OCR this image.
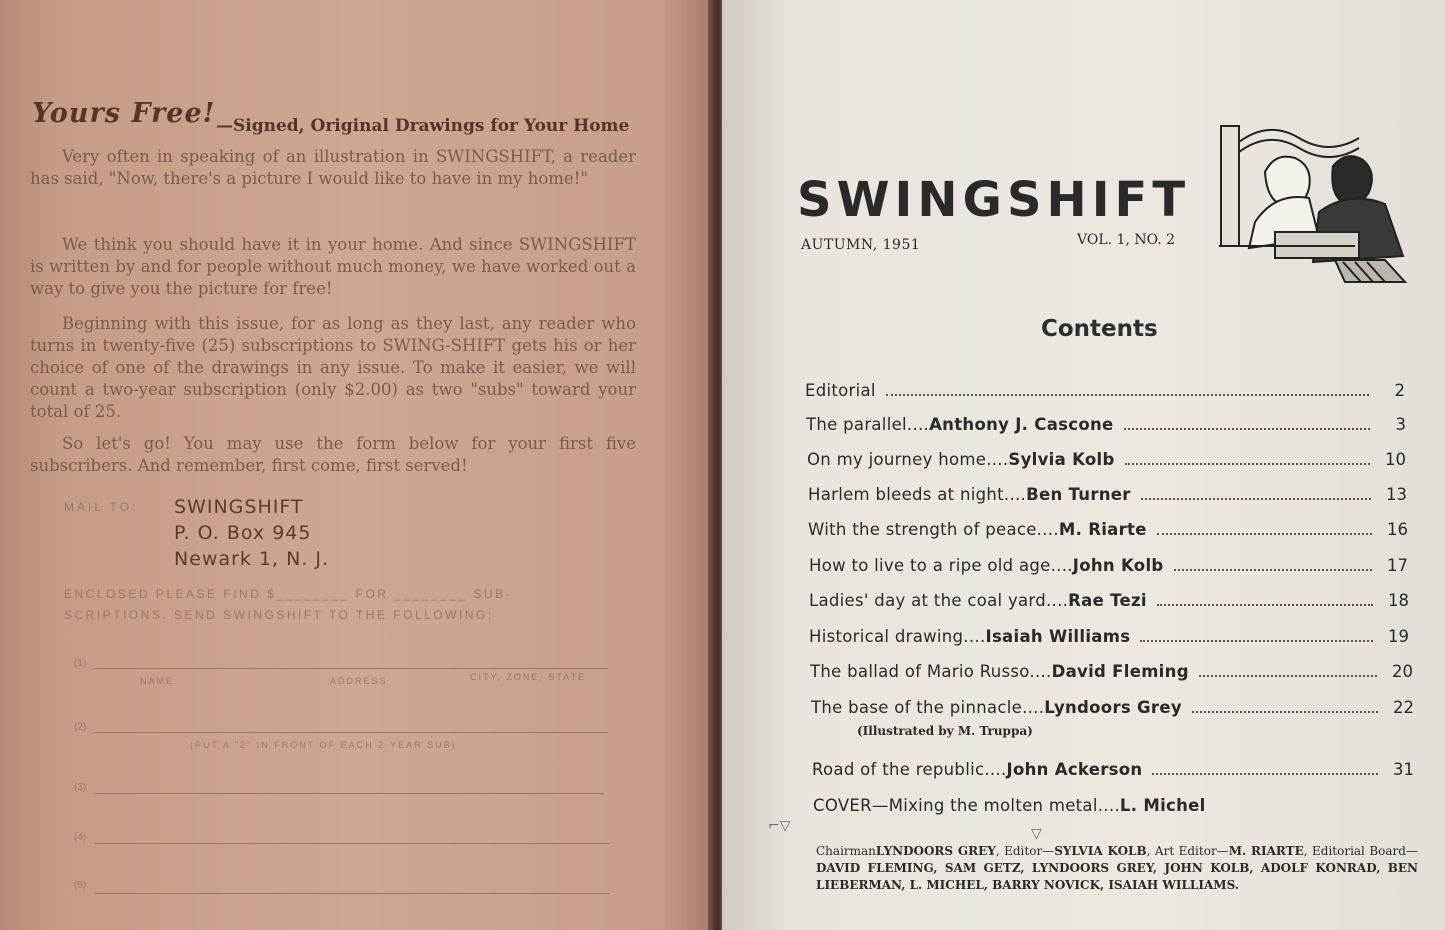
Yours Free! —Signed, Original Drawings for Your Home

Very often in speaking of an illustration in SWINGSHIFT, a reader has said, "Now, there's a picture I would like to have in my home!"

We think you should have it in your home. And since SWINGSHIFT is written by and for people without much money, we have worked out a way to give you the picture for free!

Beginning with this issue, for as long as they last, any reader who turns in twenty-five (25) subscriptions to SWING-SHIFT gets his or her choice of one of the drawings in any issue. To make it easier, we will count a two-year subscription (only $2.00) as two "subs" toward your total of 25.

So let's go! You may use the form below for your first five subscribers. And remember, first come, first served!

MAIL TO: SWINGSHIFT
P. O. Box 945
Newark 1, N. J.
ENCLOSED PLEASE FIND $________ FOR ________ SUB-SCRIPTIONS. SEND SWINGSHIFT TO THE FOLLOWING:
(1)
NAME	ADDRESS	CITY, ZONE, STATE
(2)
(PUT A "2" IN FRONT OF EACH 2-YEAR SUB)
(3)
(4)
(5)
SWINGSHIFT
AUTUMN, 1951	VOL. 1, NO. 2
Contents
Editorial	2
The parallel.... Anthony J. Cascone	3
On my journey home.... Sylvia Kolb	10
Harlem bleeds at night.... Ben Turner	13
With the strength of peace.... M. Riarte	16
How to live to a ripe old age.... John Kolb	17
Ladies' day at the coal yard.... Rae Tezi	18
Historical drawing.... Isaiah Williams	19
The ballad of Mario Russo.... David Fleming	20
The base of the pinnacle.... Lyndoors Grey	22
(Illustrated by M. Truppa)
Road of the republic.... John Ackerson	31
COVER—Mixing the molten metal.... L. Michel
⌐▽	▽
ChairmanLYNDOORS GREY, Editor—SYLVIA KOLB, Art Editor—M. RIARTE, Editorial Board—DAVID FLEMING, SAM GETZ, LYNDOORS GREY, JOHN KOLB, ADOLF KONRAD, BEN LIEBERMAN, L. MICHEL, BARRY NOVICK, ISAIAH WILLIAMS.
